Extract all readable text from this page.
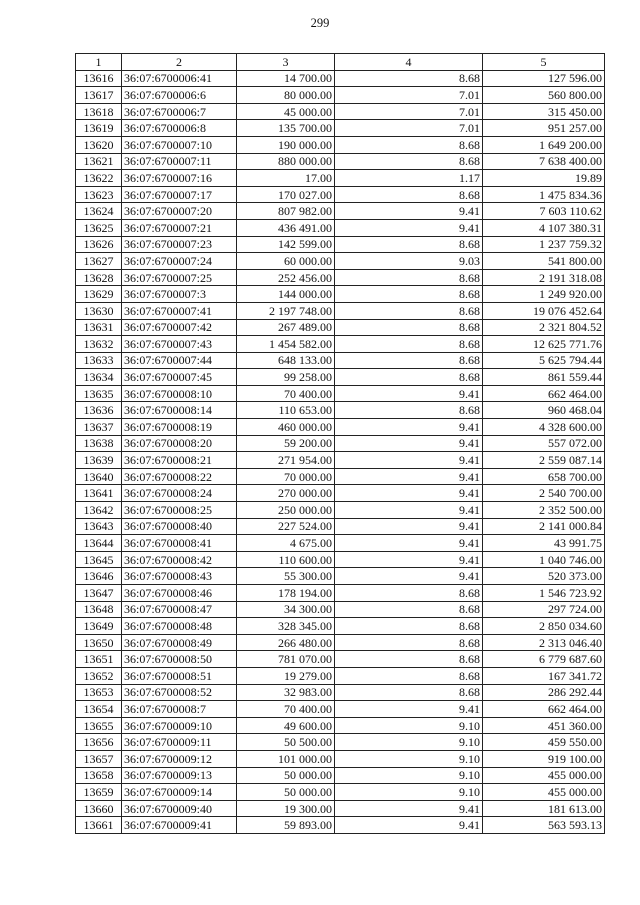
299
1	2	3	4	5
13616	36:07:6700006:41	14 700.00	8.68	127 596.00
13617	36:07:6700006:6	80 000.00	7.01	560 800.00
13618	36:07:6700006:7	45 000.00	7.01	315 450.00
13619	36:07:6700006:8	135 700.00	7.01	951 257.00
13620	36:07:6700007:10	190 000.00	8.68	1 649 200.00
13621	36:07:6700007:11	880 000.00	8.68	7 638 400.00
13622	36:07:6700007:16	17.00	1.17	19.89
13623	36:07:6700007:17	170 027.00	8.68	1 475 834.36
13624	36:07:6700007:20	807 982.00	9.41	7 603 110.62
13625	36:07:6700007:21	436 491.00	9.41	4 107 380.31
13626	36:07:6700007:23	142 599.00	8.68	1 237 759.32
13627	36:07:6700007:24	60 000.00	9.03	541 800.00
13628	36:07:6700007:25	252 456.00	8.68	2 191 318.08
13629	36:07:6700007:3	144 000.00	8.68	1 249 920.00
13630	36:07:6700007:41	2 197 748.00	8.68	19 076 452.64
13631	36:07:6700007:42	267 489.00	8.68	2 321 804.52
13632	36:07:6700007:43	1 454 582.00	8.68	12 625 771.76
13633	36:07:6700007:44	648 133.00	8.68	5 625 794.44
13634	36:07:6700007:45	99 258.00	8.68	861 559.44
13635	36:07:6700008:10	70 400.00	9.41	662 464.00
13636	36:07:6700008:14	110 653.00	8.68	960 468.04
13637	36:07:6700008:19	460 000.00	9.41	4 328 600.00
13638	36:07:6700008:20	59 200.00	9.41	557 072.00
13639	36:07:6700008:21	271 954.00	9.41	2 559 087.14
13640	36:07:6700008:22	70 000.00	9.41	658 700.00
13641	36:07:6700008:24	270 000.00	9.41	2 540 700.00
13642	36:07:6700008:25	250 000.00	9.41	2 352 500.00
13643	36:07:6700008:40	227 524.00	9.41	2 141 000.84
13644	36:07:6700008:41	4 675.00	9.41	43 991.75
13645	36:07:6700008:42	110 600.00	9.41	1 040 746.00
13646	36:07:6700008:43	55 300.00	9.41	520 373.00
13647	36:07:6700008:46	178 194.00	8.68	1 546 723.92
13648	36:07:6700008:47	34 300.00	8.68	297 724.00
13649	36:07:6700008:48	328 345.00	8.68	2 850 034.60
13650	36:07:6700008:49	266 480.00	8.68	2 313 046.40
13651	36:07:6700008:50	781 070.00	8.68	6 779 687.60
13652	36:07:6700008:51	19 279.00	8.68	167 341.72
13653	36:07:6700008:52	32 983.00	8.68	286 292.44
13654	36:07:6700008:7	70 400.00	9.41	662 464.00
13655	36:07:6700009:10	49 600.00	9.10	451 360.00
13656	36:07:6700009:11	50 500.00	9.10	459 550.00
13657	36:07:6700009:12	101 000.00	9.10	919 100.00
13658	36:07:6700009:13	50 000.00	9.10	455 000.00
13659	36:07:6700009:14	50 000.00	9.10	455 000.00
13660	36:07:6700009:40	19 300.00	9.41	181 613.00
13661	36:07:6700009:41	59 893.00	9.41	563 593.13
